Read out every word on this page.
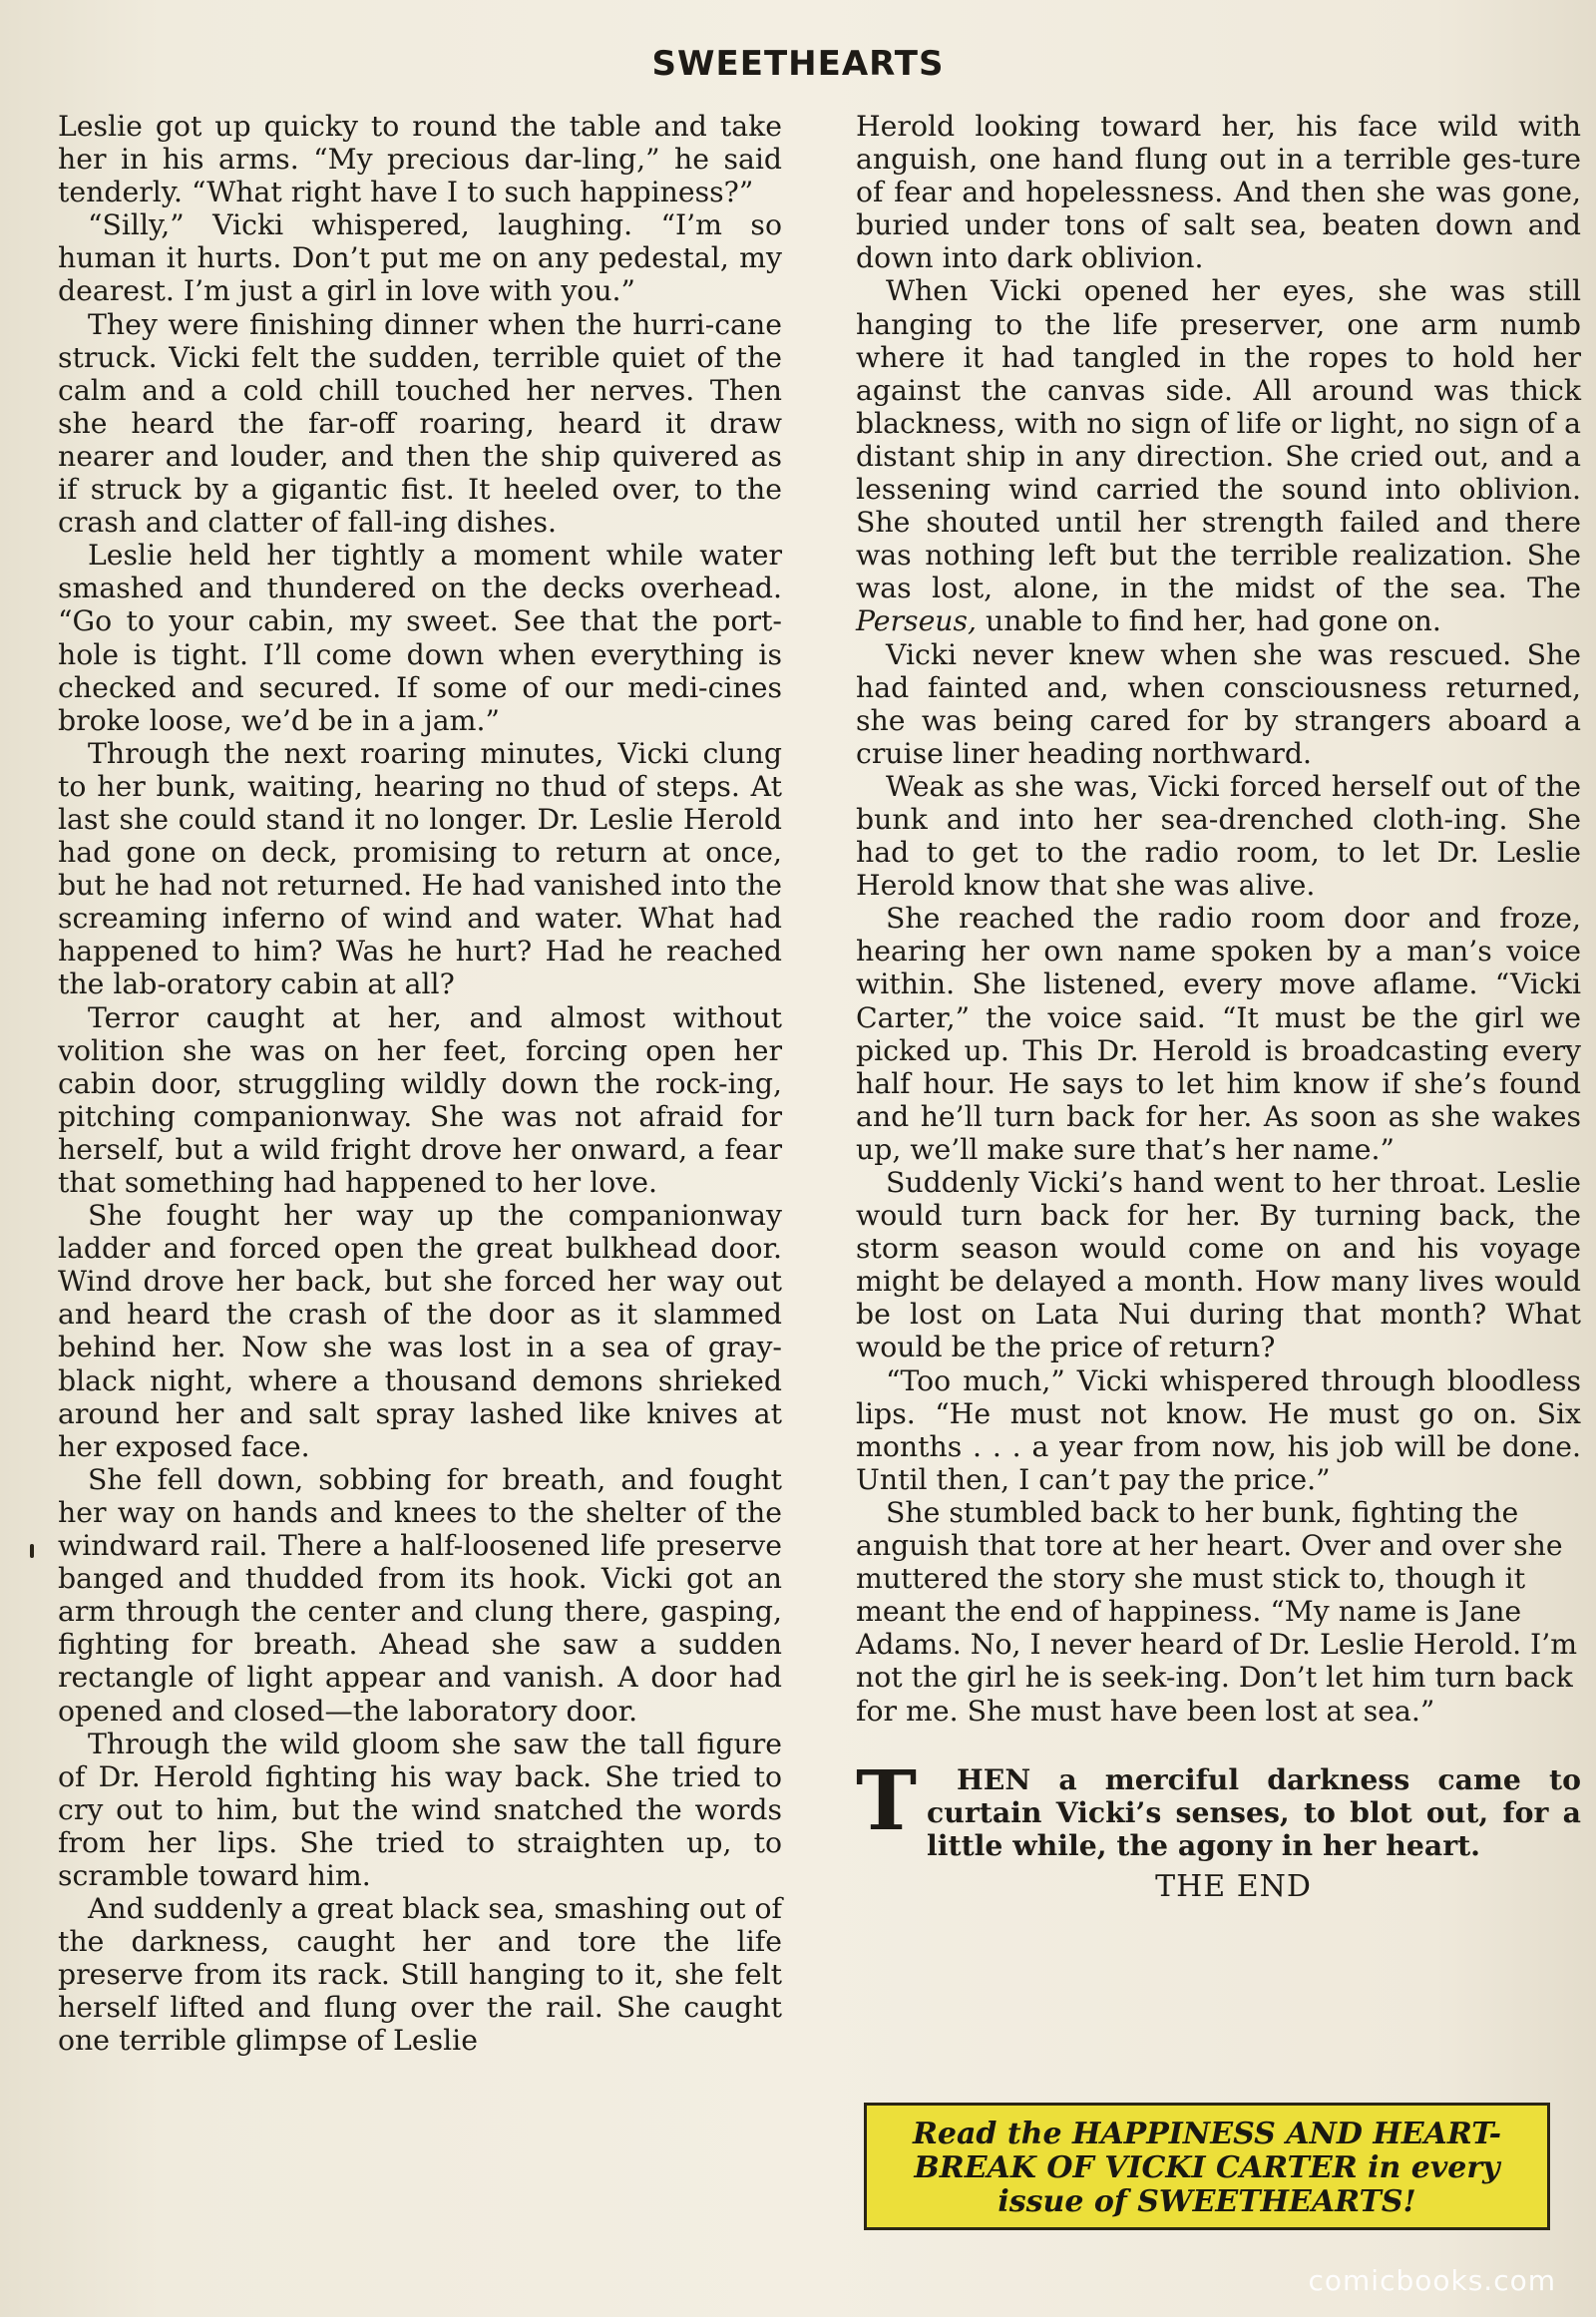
SWEETHEARTS

Leslie got up quicky to round the table and take her in his arms. “My precious dar-ling,” he said tenderly. “What right have I to such happiness?”

“Silly,” Vicki whispered, laughing. “I’m so human it hurts. Don’t put me on any pedestal, my dearest. I’m just a girl in love with you.”

They were finishing dinner when the hurri-cane struck. Vicki felt the sudden, terrible quiet of the calm and a cold chill touched her nerves. Then she heard the far-off roaring, heard it draw nearer and louder, and then the ship quivered as if struck by a gigantic fist. It heeled over, to the crash and clatter of fall-ing dishes.

Leslie held her tightly a moment while water smashed and thundered on the decks overhead. “Go to your cabin, my sweet. See that the port-hole is tight. I’ll come down when everything is checked and secured. If some of our medi-cines broke loose, we’d be in a jam.”

Through the next roaring minutes, Vicki clung to her bunk, waiting, hearing no thud of steps. At last she could stand it no longer. Dr. Leslie Herold had gone on deck, promising to return at once, but he had not returned. He had vanished into the screaming inferno of wind and water. What had happened to him? Was he hurt? Had he reached the lab-oratory cabin at all?

Terror caught at her, and almost without volition she was on her feet, forcing open her cabin door, struggling wildly down the rock-ing, pitching companionway. She was not afraid for herself, but a wild fright drove her onward, a fear that something had happened to her love.

She fought her way up the companionway ladder and forced open the great bulkhead door. Wind drove her back, but she forced her way out and heard the crash of the door as it slammed behind her. Now she was lost in a sea of gray-black night, where a thousand demons shrieked around her and salt spray lashed like knives at her exposed face.

She fell down, sobbing for breath, and fought her way on hands and knees to the shelter of the windward rail. There a half-loosened life preserve banged and thudded from its hook. Vicki got an arm through the center and clung there, gasping, fighting for breath. Ahead she saw a sudden rectangle of light appear and vanish. A door had opened and closed—the laboratory door.

Through the wild gloom she saw the tall figure of Dr. Herold fighting his way back. She tried to cry out to him, but the wind snatched the words from her lips. She tried to straighten up, to scramble toward him.

And suddenly a great black sea, smashing out of the darkness, caught her and tore the life preserve from its rack. Still hanging to it, she felt herself lifted and flung over the rail. She caught one terrible glimpse of Leslie

Herold looking toward her, his face wild with anguish, one hand flung out in a terrible ges-ture of fear and hopelessness. And then she was gone, buried under tons of salt sea, beaten down and down into dark oblivion.

When Vicki opened her eyes, she was still hanging to the life preserver, one arm numb where it had tangled in the ropes to hold her against the canvas side. All around was thick blackness, with no sign of life or light, no sign of a distant ship in any direction. She cried out, and a lessening wind carried the sound into oblivion. She shouted until her strength failed and there was nothing left but the terrible realization. She was lost, alone, in the midst of the sea. The Perseus, unable to find her, had gone on.

Vicki never knew when she was rescued. She had fainted and, when consciousness returned, she was being cared for by strangers aboard a cruise liner heading northward.

Weak as she was, Vicki forced herself out of the bunk and into her sea-drenched cloth-ing. She had to get to the radio room, to let Dr. Leslie Herold know that she was alive.

She reached the radio room door and froze, hearing her own name spoken by a man’s voice within. She listened, every move aflame. “Vicki Carter,” the voice said. “It must be the girl we picked up. This Dr. Herold is broadcasting every half hour. He says to let him know if she’s found and he’ll turn back for her. As soon as she wakes up, we’ll make sure that’s her name.”

Suddenly Vicki’s hand went to her throat. Leslie would turn back for her. By turning back, the storm season would come on and his voyage might be delayed a month. How many lives would be lost on Lata Nui during that month? What would be the price of return?

“Too much,” Vicki whispered through bloodless lips. “He must not know. He must go on. Six months . . . a year from now, his job will be done. Until then, I can’t pay the price.”

She stumbled back to her bunk, fighting the anguish that tore at her heart. Over and over she muttered the story she must stick to, though it meant the end of happiness. “My name is Jane Adams. No, I never heard of Dr. Leslie Herold. I’m not the girl he is seek-ing. Don’t let him turn back for me. She must have been lost at sea.”

T	HEN a merciful darkness came to curtain Vicki’s senses, to blot out, for a little while, the agony in her heart.

THE END
Read the HAPPINESS AND HEART-BREAK OF VICKI CARTER in every issue of SWEETHEARTS!
comicbooks.com
